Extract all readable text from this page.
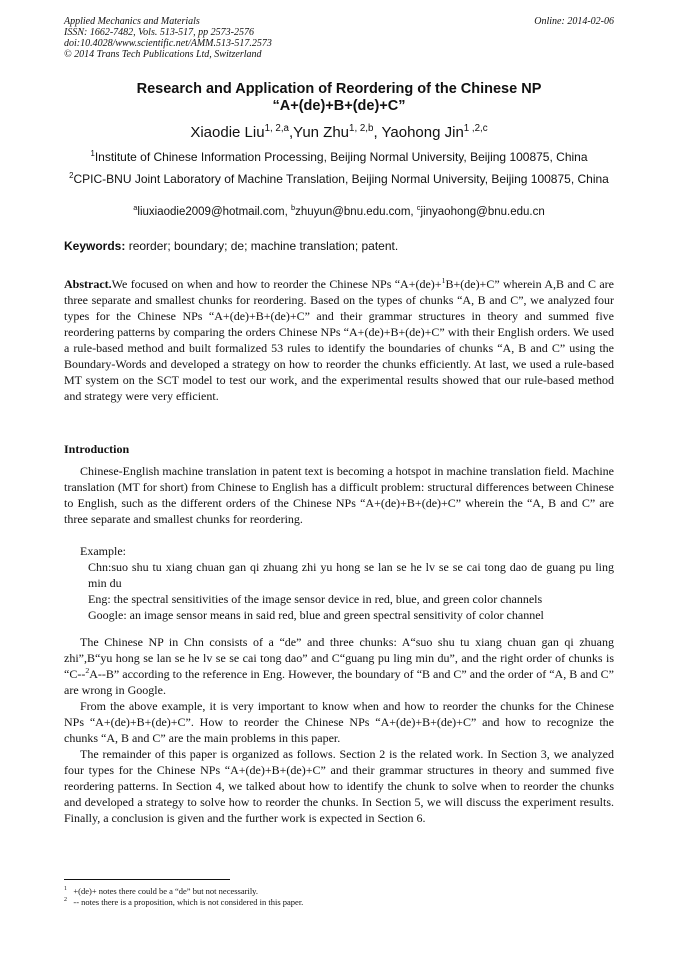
Applied Mechanics and Materials
ISSN: 1662-7482, Vols. 513-517, pp 2573-2576
doi:10.4028/www.scientific.net/AMM.513-517.2573
© 2014 Trans Tech Publications Ltd, Switzerland
Online: 2014-02-06
Research and Application of Reordering of the Chinese NP
“A+(de)+B+(de)+C”
Xiaodie Liu$^{1, 2,a}$,Yun Zhu$^{1, 2,b}$, Yaohong Jin$^{1 ,2,c}$
$^1$Institute of Chinese Information Processing, Beijing Normal University, Beijing 100875, China
$^2$CPIC-BNU Joint Laboratory of Machine Translation, Beijing Normal University, Beijing 100875, China
$^a$liuxiaodie2009@hotmail.com, $^b$zhuyun@bnu.edu.com, $^c$jinyaohong@bnu.edu.cn
Keywords: reorder; boundary; de; machine translation; patent.
Abstract.We focused on when and how to reorder the Chinese NPs “A+(de)+$^1$B+(de)+C” wherein A,B and C are three separate and smallest chunks for reordering. Based on the types of chunks “A, B and C”, we analyzed four types for the Chinese NPs “A+(de)+B+(de)+C” and their grammar structures in theory and summed five reordering patterns by comparing the orders Chinese NPs “A+(de)+B+(de)+C” with their English orders. We used a rule-based method and built formalized 53 rules to identify the boundaries of chunks “A, B and C” using the Boundary-Words and developed a strategy on how to reorder the chunks efficiently. At last, we used a rule-based MT system on the SCT model to test our work, and the experimental results showed that our rule-based method and strategy were very efficient.
Introduction
Chinese-English machine translation in patent text is becoming a hotspot in machine translation field. Machine translation (MT for short) from Chinese to English has a difficult problem: structural differences between Chinese to English, such as the different orders of the Chinese NPs “A+(de)+B+(de)+C” wherein the “A, B and C” are three separate and smallest chunks for reordering.
Example:
Chn:suo shu tu xiang chuan gan qi zhuang zhi yu hong se lan se he lv se se cai tong dao de guang pu ling min du
Eng: the spectral sensitivities of the image sensor device in red, blue, and green color channels
Google: an image sensor means in said red, blue and green spectral sensitivity of color channel
The Chinese NP in Chn consists of a “de” and three chunks: A“suo shu tu xiang chuan gan qi zhuang zhi”,B“yu hong se lan se he lv se se cai tong dao” and C“guang pu ling min du”, and the right order of chunks is “C--$^2$A--B” according to the reference in Eng. However, the boundary of “B and C” and the order of “A, B and C” are wrong in Google.
From the above example, it is very important to know when and how to reorder the chunks for the Chinese NPs “A+(de)+B+(de)+C”. How to reorder the Chinese NPs “A+(de)+B+(de)+C” and how to recognize the chunks “A, B and C” are the main problems in this paper.
The remainder of this paper is organized as follows. Section 2 is the related work. In Section 3, we analyzed four types for the Chinese NPs “A+(de)+B+(de)+C” and their grammar structures in theory and summed five reordering patterns. In Section 4, we talked about how to identify the chunk to solve when to reorder the chunks and developed a strategy to solve how to reorder the chunks. In Section 5, we will discuss the experiment results. Finally, a conclusion is given and the further work is expected in Section 6.
$^1$ +(de)+ notes there could be a “de” but not necessarily.
$^2$ -- notes there is a proposition, which is not considered in this paper.
